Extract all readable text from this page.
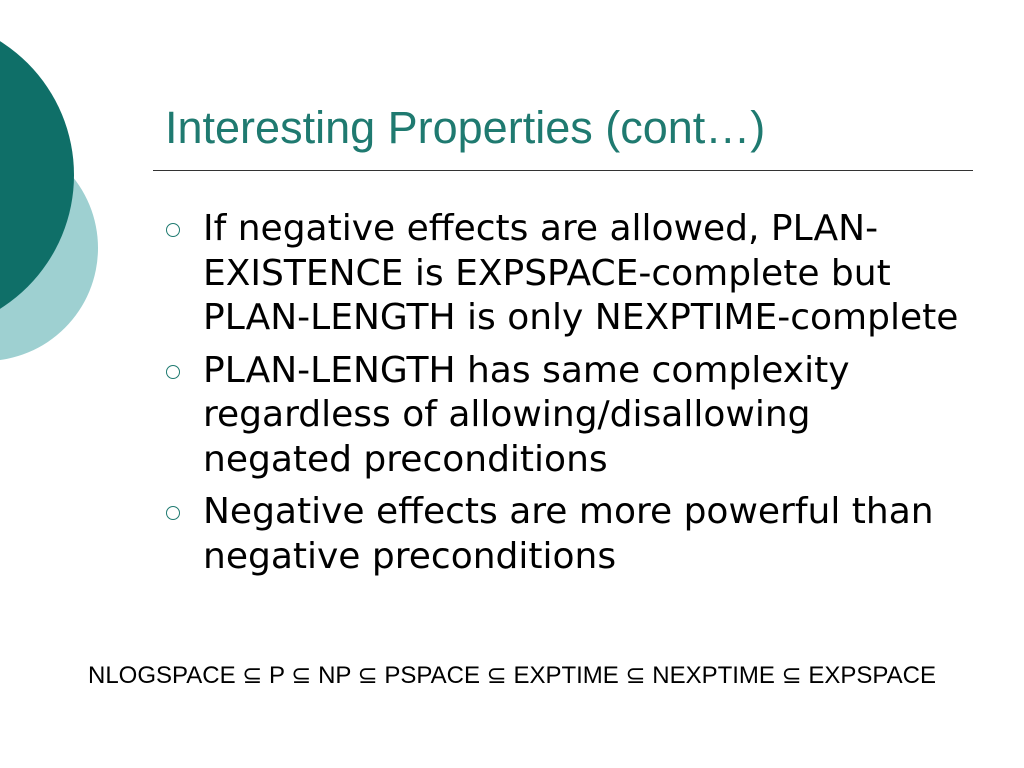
Interesting Properties (cont…)
If negative effects are allowed, PLAN-EXISTENCE is EXPSPACE-complete but PLAN-LENGTH is only NEXPTIME-complete
PLAN-LENGTH has same complexity regardless of allowing/disallowing negated preconditions
Negative effects are more powerful than negative preconditions
NLOGSPACE ⊆ P ⊆ NP ⊆ PSPACE ⊆ EXPTIME ⊆ NEXPTIME ⊆ EXPSPACE
